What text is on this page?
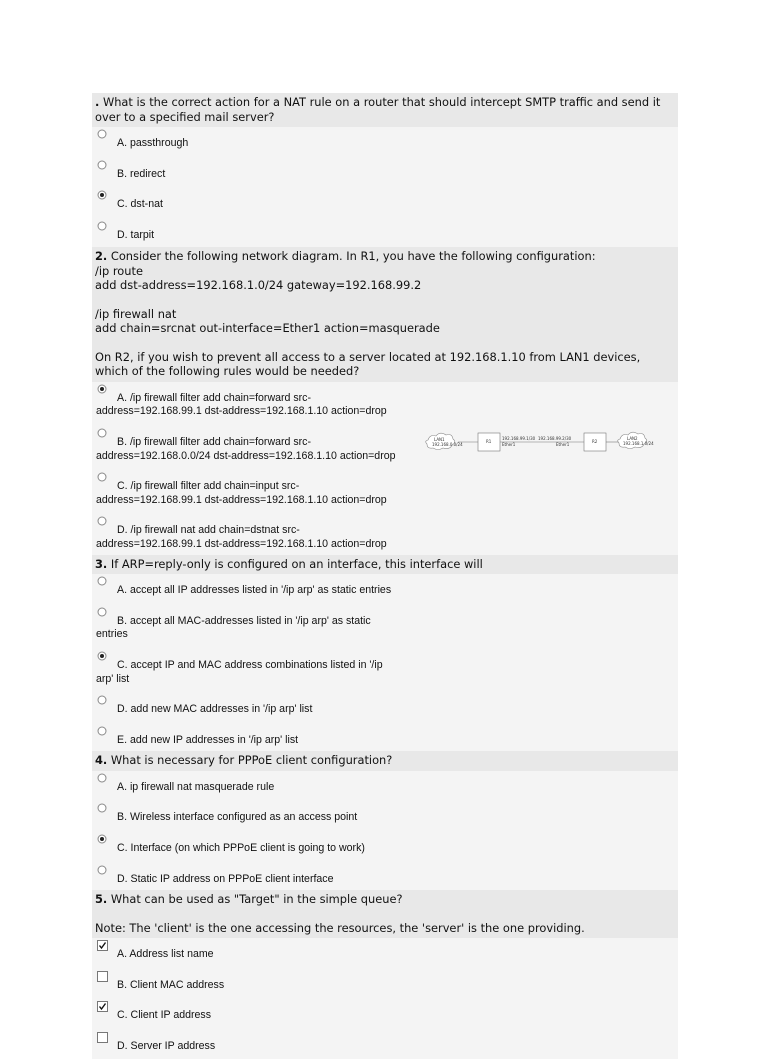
. What is the correct action for a NAT rule on a router that should intercept SMTP traffic and send it over to a specified mail server?
A. passthrough
B. redirect
C. dst-nat
D. tarpit
2. Consider the following network diagram. In R1, you have the following configuration:

/ip route
add dst-address=192.168.1.0/24 gateway=192.168.99.2

/ip firewall nat
add chain=srcnat out-interface=Ether1 action=masquerade

On R2, if you wish to prevent all access to a server located at 192.168.1.10 from LAN1 devices, which of the following rules would be needed?
A. /ip firewall filter add chain=forward src-
address=192.168.99.1 dst-address=192.168.1.10 action=drop
B. /ip firewall filter add chain=forward src-
address=192.168.0.0/24 dst-address=192.168.1.10 action=drop
C. /ip firewall filter add chain=input src-
address=192.168.99.1 dst-address=192.168.1.10 action=drop
D. /ip firewall nat add chain=dstnat src-
address=192.168.99.1 dst-address=192.168.1.10 action=drop
LAN1
192.168.0.0/24
R1
192.168.99.1/30
Ether1
192.168.99.2/30
Ether1
R2
LAN2
192.168.1.0/24
3. If ARP=reply-only is configured on an interface, this interface will
A. accept all IP addresses listed in '/ip arp' as static entries
B. accept all MAC-addresses listed in '/ip arp' as static
entries
C. accept IP and MAC address combinations listed in '/ip
arp' list
D. add new MAC addresses in '/ip arp' list
E. add new IP addresses in '/ip arp' list
4. What is necessary for PPPoE client configuration?
A. ip firewall nat masquerade rule
B. Wireless interface configured as an access point
C. Interface (on which PPPoE client is going to work)
D. Static IP address on PPPoE client interface
5. What can be used as "Target" in the simple queue?
Note: The 'client' is the one accessing the resources, the 'server' is the one providing.
A. Address list name
B. Client MAC address
C. Client IP address
D. Server IP address
